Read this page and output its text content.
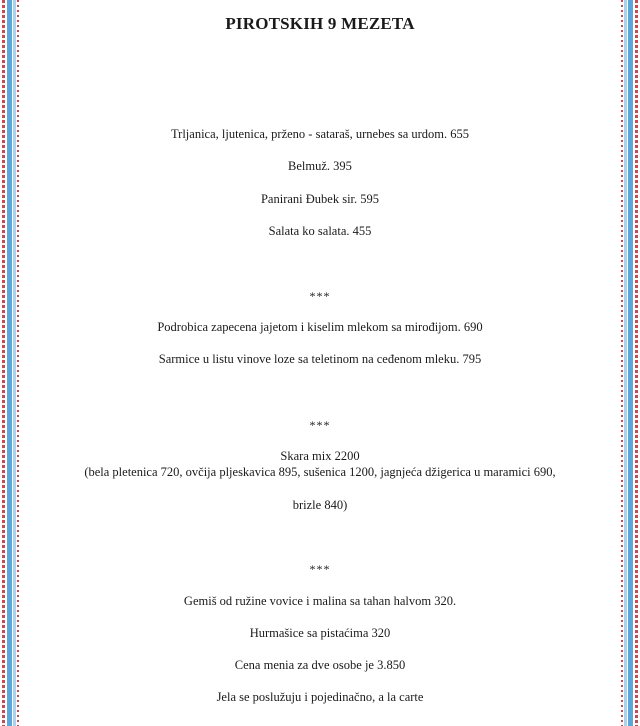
PIROTSKIH 9 MEZETA
Trljanica, ljutenica, prženo - sataraš, urnebes sa urdom. 655
Belmuž. 395
Panirani Đubek sir. 595
Salata ko salata. 455
***
Podrobica zapecena jajetom i kiselim mlekom sa mirođijom. 690
Sarmice u listu vinove loze sa teletinom na ceđenom mleku. 795
***
Skara mix 2200
(bela pletenica 720, ovčija pljeskavica 895, sušenica 1200, jagnjeća džigerica u maramici 690,
brizle 840)
***
Gemiš od ružine vovice i malina sa tahan halvom 320.
Hurmašice sa pistaćima 320
Cena menia za dve osobe je 3.850
Jela se poslužuju i pojedinačno, a la carte
